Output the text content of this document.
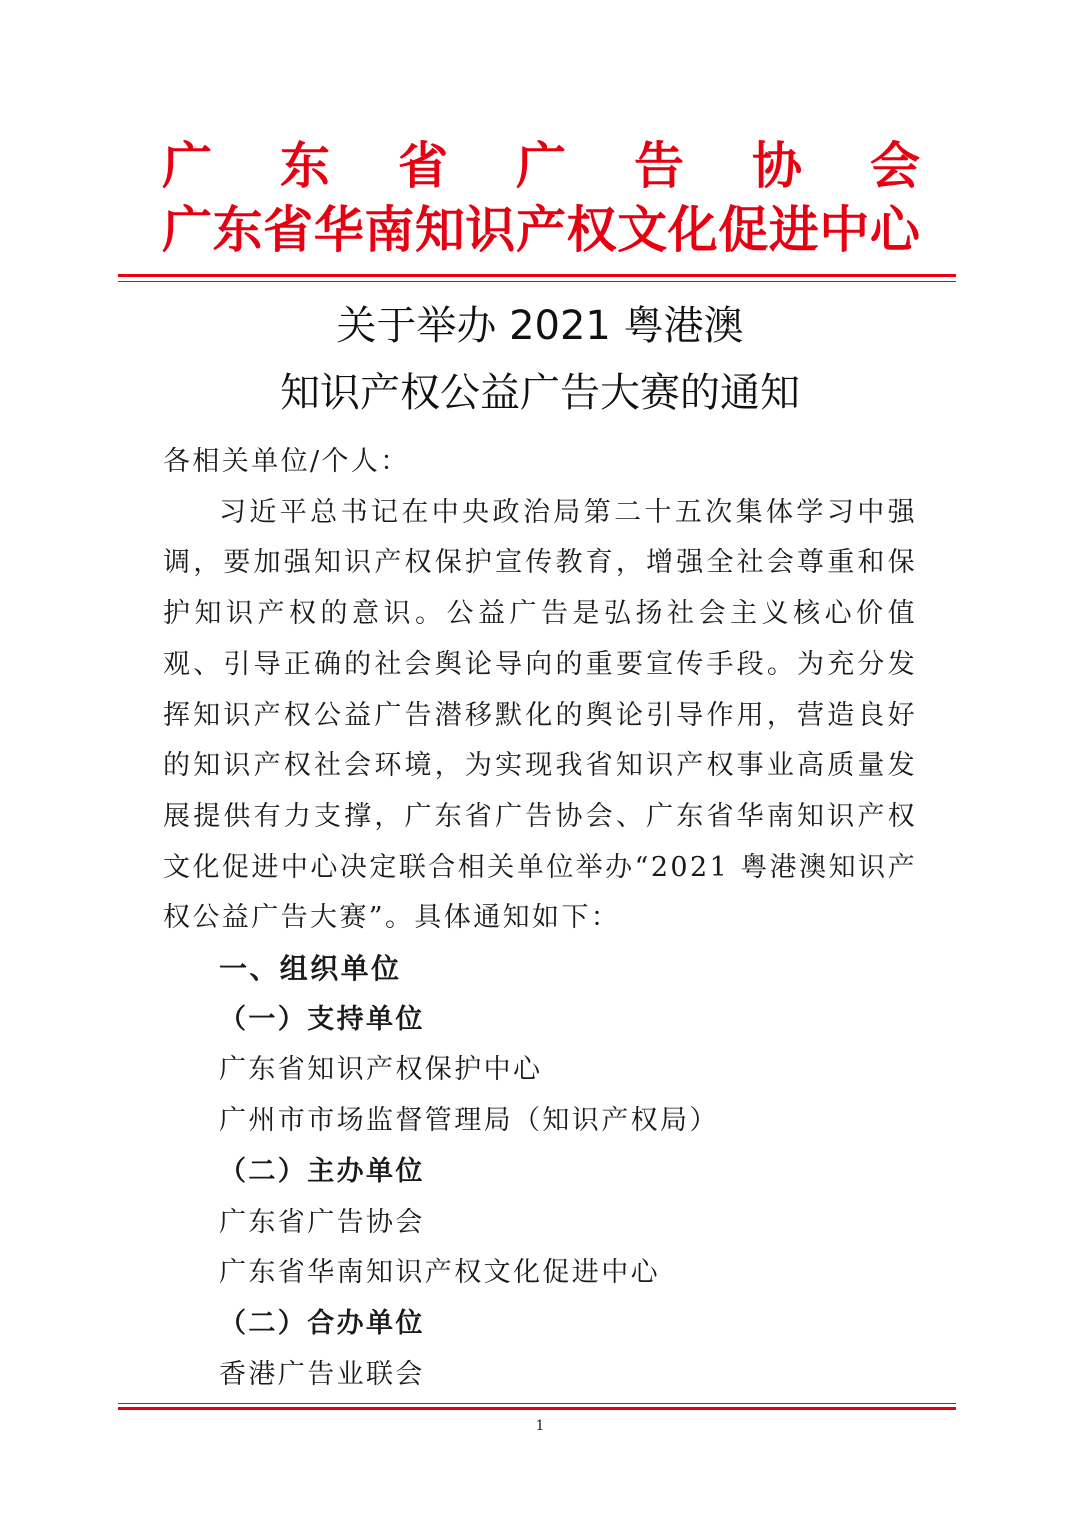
广 东 省 广 告 协 会
广 东 省 华 南 知 识 产 权 文 化 促 进 中 心
关于举办 2021 粤港澳
知识产权公益广告大赛的通知

各相关单位/个人：

习近平总书记在中央政治局第二十五次集体学习中强调，要加强知识产权保护宣传教育，增强全社会尊重和保护知识产权的意识。公益广告是弘扬社会主义核心价值观、引导正确的社会舆论导向的重要宣传手段。为充分发挥知识产权公益广告潜移默化的舆论引导作用，营造良好的知识产权社会环境，为实现我省知识产权事业高质量发展提供有力支撑，广东省广告协会、广东省华南知识产权文化促进中心决定联合相关单位举办“2021 粤港澳知识产权公益广告大赛”。具体通知如下：

一、组织单位

（一）支持单位

广东省知识产权保护中心

广州市市场监督管理局（知识产权局）

（二）主办单位

广东省广告协会

广东省华南知识产权文化促进中心

（二）合办单位

香港广告业联会

1
